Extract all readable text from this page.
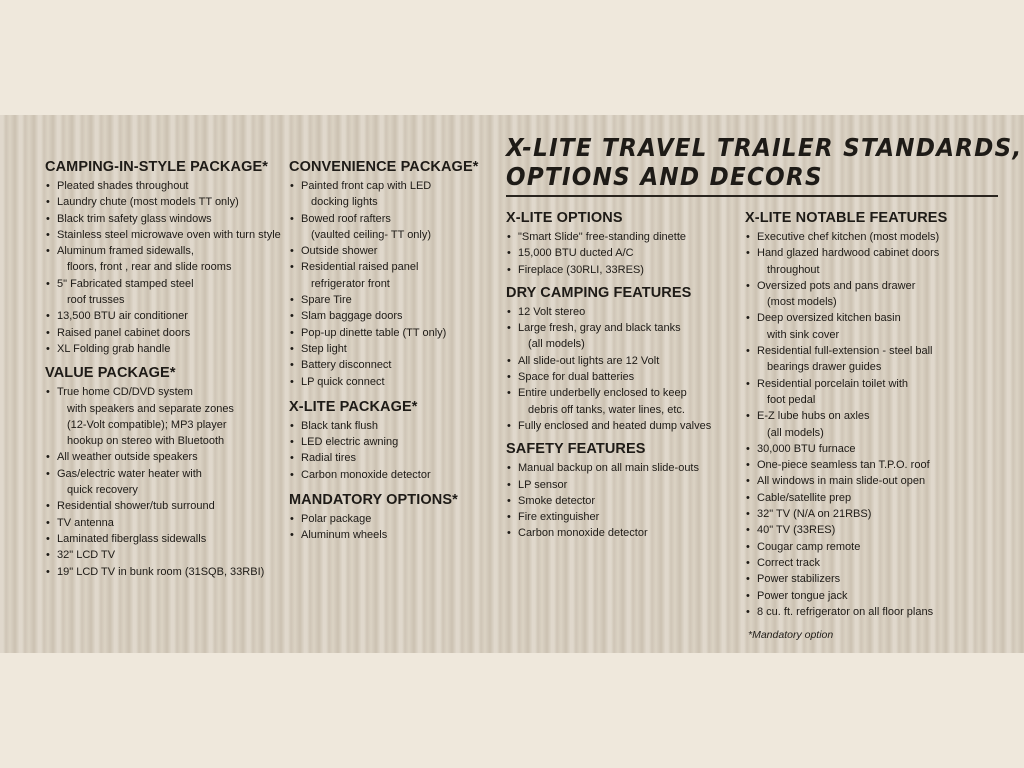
X-LITE TRAVEL TRAILER STANDARDS,
OPTIONS AND DECORS
CAMPING-IN-STYLE PACKAGE*
• Pleated shades throughout
• Laundry chute (most models TT only)
• Black trim safety glass windows
• Stainless steel microwave oven with turn style
• Aluminum framed sidewalls,
floors, front , rear and slide rooms
• 5" Fabricated stamped steel
roof trusses
• 13,500 BTU air conditioner
• Raised panel cabinet doors
• XL Folding grab handle
VALUE PACKAGE*
• True home CD/DVD system
with speakers and separate zones
(12-Volt compatible); MP3 player
hookup on stereo with Bluetooth
• All weather outside speakers
• Gas/electric water heater with
quick recovery
• Residential shower/tub surround
• TV antenna
• Laminated fiberglass sidewalls
• 32" LCD TV
• 19" LCD TV in bunk room (31SQB, 33RBI)
CONVENIENCE PACKAGE*
• Painted front cap with LED
docking lights
• Bowed roof rafters
(vaulted ceiling- TT only)
• Outside shower
• Residential raised panel
refrigerator front
• Spare Tire
• Slam baggage doors
• Pop-up dinette table (TT only)
• Step light
• Battery disconnect
• LP quick connect
X-LITE PACKAGE*
• Black tank flush
• LED electric awning
• Radial tires
• Carbon monoxide detector
MANDATORY OPTIONS*
• Polar package
• Aluminum wheels
X-LITE OPTIONS
• "Smart Slide" free-standing dinette
• 15,000 BTU ducted A/C
• Fireplace (30RLI, 33RES)
DRY CAMPING FEATURES
• 12 Volt stereo
• Large fresh, gray and black tanks
(all models)
• All slide-out lights are 12 Volt
• Space for dual batteries
• Entire underbelly enclosed to keep
debris off tanks, water lines, etc.
• Fully enclosed and heated dump valves
SAFETY FEATURES
• Manual backup on all main slide-outs
• LP sensor
• Smoke detector
• Fire extinguisher
• Carbon monoxide detector
X-LITE NOTABLE FEATURES
• Executive chef kitchen (most models)
• Hand glazed hardwood cabinet doors
throughout
• Oversized pots and pans drawer
(most models)
• Deep oversized kitchen basin
with sink cover
• Residential full-extension - steel ball
bearings drawer guides
• Residential porcelain toilet with
foot pedal
• E-Z lube hubs on axles
(all models)
• 30,000 BTU furnace
• One-piece seamless tan T.P.O. roof
• All windows in main slide-out open
• Cable/satellite prep
• 32" TV (N/A on 21RBS)
• 40" TV (33RES)
• Cougar camp remote
• Correct track
• Power stabilizers
• Power tongue jack
• 8 cu. ft. refrigerator on all floor plans
*Mandatory option
